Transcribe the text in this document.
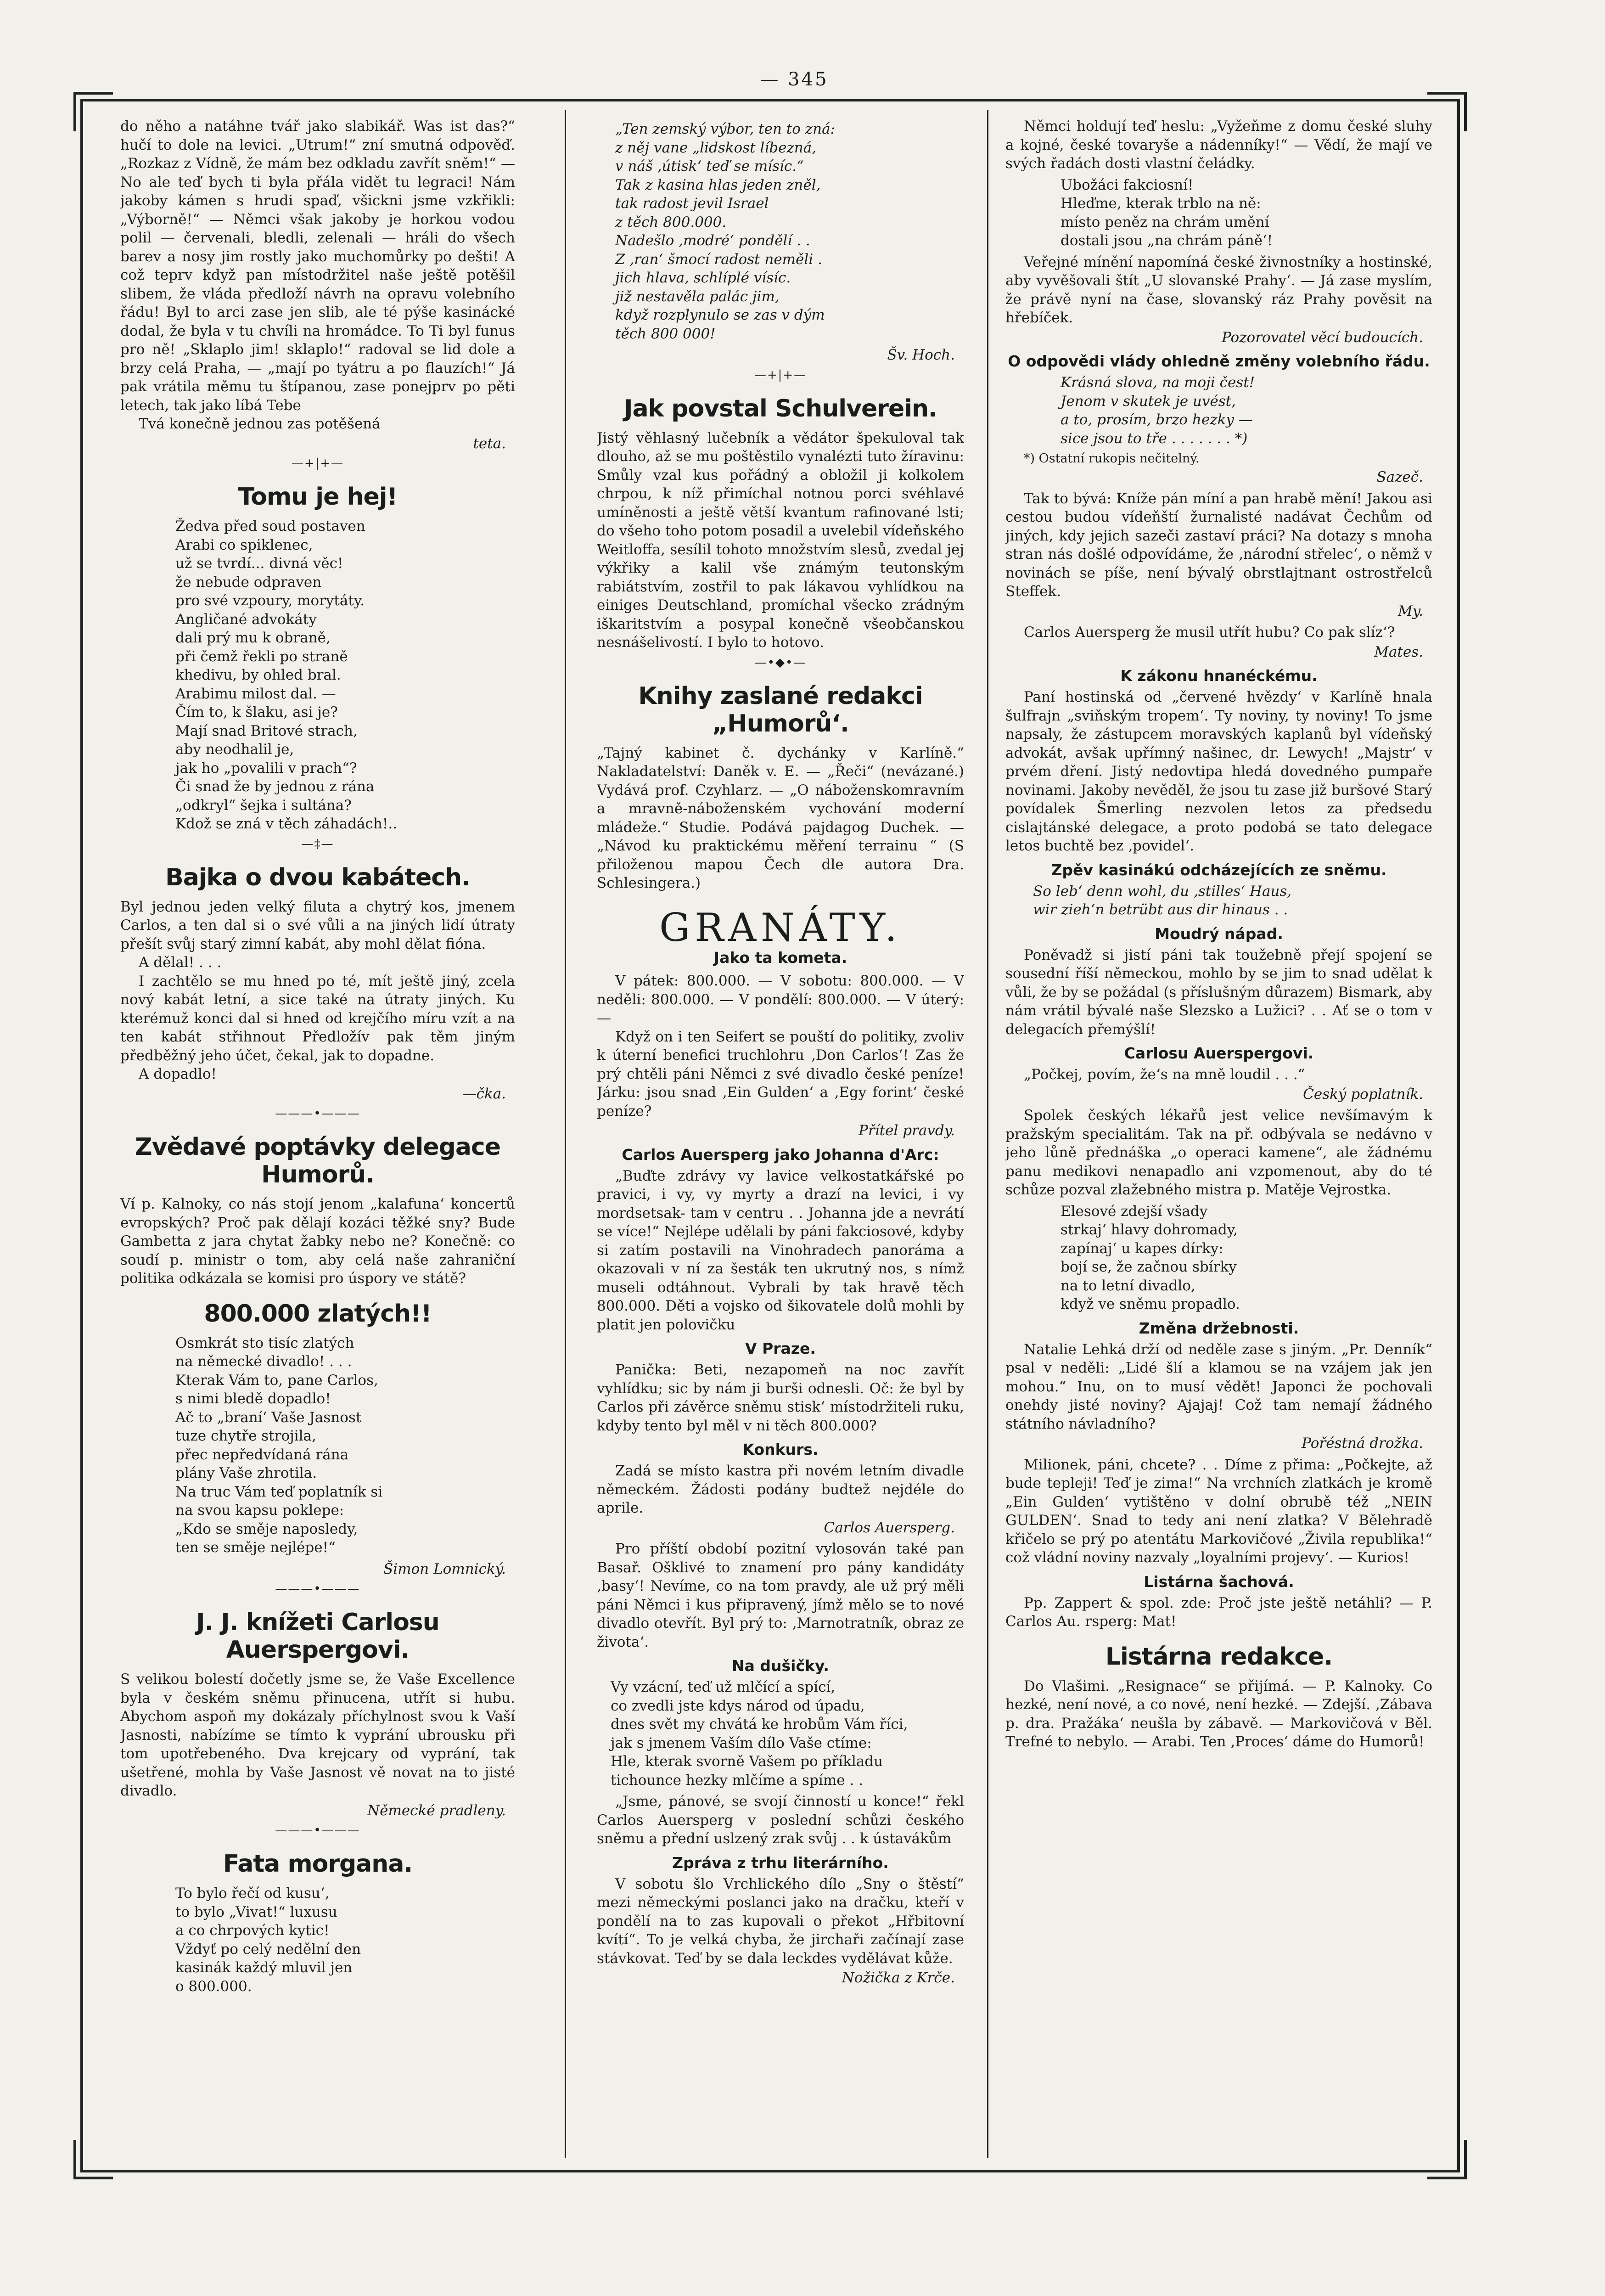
— 345

do něho a natáhne tvář jako slabikář. Was ist das?“ hučí to dole na levici. „Utrum!“ zní smutná odpověď. „Rozkaz z Vídně, že mám bez odkladu zavřít sněm!“ — No ale teď bych ti byla přála vidět tu legraci! Nám jakoby kámen s hrudi spaď, všickni jsme vzkřikli: „Výborně!“ — Němci však jakoby je horkou vodou polil — červenali, bledli, zelenali — hráli do všech barev a nosy jim rostly jako muchomůrky po dešti! A což teprv když pan místodržitel naše ještě potěšil slibem, že vláda předloží návrh na opravu volebního řádu! Byl to arci zase jen slib, ale té pýše kasinácké dodal, že byla v tu chvíli na hromádce. To Ti byl funus pro ně! „Sklaplo jim! sklaplo!“ radoval se lid dole a brzy celá Praha, — „mají po tyátru a po flauzích!“ Já pak vrátila měmu tu štípanou, zase ponejprv po pěti letech, tak jako líbá Tebe

Tvá konečně jednou zas potěšená

teta.
—+|+—
Tomu je hej!
Žedva před soud postaven
Arabi co spiklenec,
už se tvrdí... divná věc!
že nebude odpraven
pro své vzpoury, morytáty.
Angličané advokáty
dali prý mu k obraně,
při čemž řekli po straně
khedivu, by ohled bral.
Arabimu milost dal. —
Čím to, k šlaku, asi je?
Mají snad Britové strach,
aby neodhalil je,
jak ho „povalili v prach“?
Či snad že by jednou z rána
„odkryl“ šejka i sultána?
Kdož se zná v těch záhadách!..
—‡—
Bajka o dvou kabátech.

Byl jednou jeden velký filuta a chytrý kos, jmenem Carlos, a ten dal si o své vůli a na jiných lidí útraty přešít svůj starý zimní kabát, aby mohl dělat fióna.

A dělal! . . .

I zachtělo se mu hned po té, mít ještě jiný, zcela nový kabát letní, a sice také na útraty jiných. Ku kterémuž konci dal si hned od krejčího míru vzít a na ten kabát střihnout Předložív pak těm jiným předběžný jeho účet, čekal, jak to dopadne.

A dopadlo!

—čka.
———•———
Zvědavé poptávky delegace Humorů.

Ví p. Kalnoky, co nás stojí jenom „kalafuna‘ koncertů evropských? Proč pak dělají kozáci těžké sny? Bude Gambetta z jara chytat žabky nebo ne? Konečně: co soudí p. ministr o tom, aby celá naše zahraniční politika odkázala se komisi pro úspory ve státě?

800.000 zlatých!!
Osmkrát sto tisíc zlatých
na německé divadlo! . . .
Kterak Vám to, pane Carlos,
s nimi bledě dopadlo!
Ač to „braní‘ Vaše Jasnost
tuze chytře strojila,
přec nepředvídaná rána
plány Vaše zhrotila.
Na truc Vám teď poplatník si
na svou kapsu poklepe:
„Kdo se směje naposledy,
ten se směje nejlépe!“
Šimon Lomnický.
———•———
J. J. knížeti Carlosu Auerspergovi.

S velikou bolestí dočetly jsme se, že Vaše Excellence byla v českém sněmu přinucena, utřít si hubu. Abychom aspoň my dokázaly příchylnost svou k Vaší Jasnosti, nabízíme se tímto k vyprání ubrousku při tom upotřebeného. Dva krejcary od vyprání, tak ušetřené, mohla by Vaše Jasnost vě novat na to jisté divadlo.

Německé pradleny.
———•———
Fata morgana.
To bylo řečí od kusu‘,
to bylo „Vivat!“ luxusu
a co chrpových kytic!
Vždyť po celý nedělní den
kasinák každý mluvil jen
o 800.000.
„Ten zemský výbor, ten to zná:
z něj vane „lidskost líbezná,
v náš ‚útisk‘ teď se mísíc.“
Tak z kasina hlas jeden zněl,
tak radost jevil Israel
z těch 800.000.
Nadešlo ‚modré‘ pondělí . .
Z ‚ran‘ šmocí radost neměli .
jich hlava, schlíplé vísíc.
již nestavěla palác jim,
když rozplynulo se zas v dým
těch 800 000!
Šv. Hoch.
—+|+—
Jak povstal Schulverein.

Jistý věhlasný lučebník a vědátor špekuloval tak dlouho, až se mu poštěstilo vynalézti tuto žíravinu: Smůly vzal kus pořádný a obložil ji kolkolem chrpou, k níž přimíchal notnou porci svéhlavé umíněnosti a ještě větší kvantum rafinované lsti; do všeho toho potom posadil a uvelebil vídeňského Weitloffa, sesílil tohoto množstvím slesů, zvedal jej výkřiky a kalil vše známým teutonským rabiátstvím, zostřil to pak lákavou vyhlídkou na einiges Deutschland, promíchal všecko zrádným iškaritstvím a posypal konečně všeobčanskou nesnášelivostí. I bylo to hotovo.

—•◆•—
Knihy zaslané redakci „Humorů‘.

„Tajný kabinet č. dychánky v Karlíně.“ Nakladatelství: Daněk v. E. — „Řeči“ (nevázané.) Vydává prof. Czyhlarz. — „O náboženskomravním a mravně-náboženském vychování moderní mládeže.“ Studie. Podává pajdagog Duchek. — „Návod ku praktickému měření terrainu “ (S přiloženou mapou Čech dle autora Dra. Schlesingera.)

GRANÁTY.
Jako ta kometa.

V pátek: 800.000. — V sobotu: 800.000. — V neděli: 800.000. — V pondělí: 800.000. — V úterý: —

Když on i ten Seifert se pouští do politiky, zvoliv k úterní benefici truchlohru ‚Don Carlos‘! Zas že prý chtěli páni Němci z své divadlo české peníze! Járku: jsou snad ‚Ein Gulden‘ a ‚Egy forint‘ české peníze?

Přítel pravdy.
Carlos Auersperg jako Johanna d'Arc:

„Buďte zdrávy vy lavice velkostatkářské po pravici, i vy, vy myrty a drazí na levici, i vy mordsetsak- tam v centru . . Johanna jde a nevrátí se více!“ Nejlépe udělali by páni fakciosové, kdyby si zatím postavili na Vinohradech panoráma a okazovali v ní za šesták ten ukrutný nos, s nímž museli odtáhnout. Vybrali by tak hravě těch 800.000. Děti a vojsko od šikovatele dolů mohli by platit jen polovičku

V Praze.

Panička: Beti, nezapomeň na noc zavřít vyhlídku; sic by nám ji burši odnesli. Oč: že byl by Carlos při závěrce sněmu stisk‘ místodržiteli ruku, kdyby tento byl měl v ni těch 800.000?

Konkurs.

Zadá se místo kastra při novém letním divadle německém. Žádosti podány budtež nejdéle do aprile.

Carlos Auersperg.

Pro příští období pozitní vylosován také pan Basař. Ošklivé to znamení pro pány kandidáty ‚basy‘! Nevíme, co na tom pravdy, ale už prý měli páni Němci i kus připravený, jímž mělo se to nové divadlo otevřít. Byl prý to: ‚Marnotratník, obraz ze života‘.

Na dušičky.
Vy vzácní, teď už mlčící a spící,
co zvedli jste kdys národ od úpadu,
dnes svět my chvátá ke hrobům Vám říci,
jak s jmenem Vaším dílo Vaše ctíme:
Hle, kterak svorně Vašem po příkladu
tichounce hezky mlčíme a spíme . .

„Jsme, pánové, se svojí činností u konce!“ řekl Carlos Auersperg v poslední schůzi českého sněmu a přední uslzený zrak svůj . . k ústavákům

Zpráva z trhu literárního.

V sobotu šlo Vrchlického dílo „Sny o štěstí“ mezi německými poslanci jako na dračku, kteří v pondělí na to zas kupovali o překot „Hřbitovní kvítí“. To je velká chyba, že jirchaři začínají zase stávkovat. Teď by se dala leckdes vydělávat kůže.

Nožička z Krče.

Němci holdují teď heslu: „Vyžeňme z domu české sluhy a kojné, české tovaryše a nádenníky!“ — Vědí, že mají ve svých řadách dosti vlastní čeládky.

Ubožáci fakciosní!
Hleďme, kterak trblo na ně:
místo peněz na chrám umění
dostali jsou „na chrám páně‘!

Veřejné mínění napomíná české živnostníky a hostinské, aby vyvěšovali štít „U slovanské Prahy‘. — Já zase myslím, že právě nyní na čase, slovanský ráz Prahy pověsit na hřebíček.

Pozorovatel věcí budoucích.
O odpovědi vlády ohledně změny volebního řádu.
Krásná slova, na moji čest!
Jenom v skutek je uvést,
a to, prosím, brzo hezky —
sice jsou to tře . . . . . . . *)

*) Ostatní rukopis nečitelný.

Sazeč.

Tak to bývá: Kníže pán míní a pan hrabě mění! Jakou asi cestou budou vídeňští žurnalisté nadávat Čechům od jiných, kdy jejich sazeči zastaví práci? Na dotazy s mnoha stran nás došlé odpovídáme, že ‚národní střelec‘, o němž v novinách se píše, není bývalý obrstlajtnant ostrostřelců Steffek.

My.

Carlos Auersperg že musil utřít hubu? Co pak slíz‘?

Mates.
K zákonu hnanéckému.

Paní hostinská od „červené hvězdy‘ v Karlíně hnala šulfrajn „sviňským tropem‘. Ty noviny, ty noviny! To jsme napsaly, že zástupcem moravských kaplanů byl vídeňský advokát, avšak upřímný našinec, dr. Lewych! „Majstr‘ v prvém dření. Jistý nedovtipa hledá dovedného pumpaře novinami. Jakoby nevěděl, že jsou tu zase již buršové Starý povídalek Šmerling nezvolen letos za předsedu cislajtánské delegace, a proto podobá se tato delegace letos buchtě bez ‚povidel‘.

Zpěv kasinákú odcházejících ze sněmu.
So leb‘ denn wohl, du ‚stilles‘ Haus,
wir zieh‘n betrübt aus dir hinaus . .
Moudrý nápad.

Poněvadž si jistí páni tak toužebně přejí spojení se sousední říší německou, mohlo by se jim to snad udělat k vůli, že by se požádal (s příslušným důrazem) Bismark, aby nám vrátil bývalé naše Slezsko a Lužici? . . Ať se o tom v delegacích přemýšlí!

Carlosu Auerspergovi.

„Počkej, povím, že‘s na mně loudil . . .“

Český poplatník.

Spolek českých lékařů jest velice nevšímavým k pražským specialitám. Tak na př. odbývala se nedávno v jeho lůně přednáška „o operaci kamene“, ale žádnému panu medikovi nenapadlo ani vzpomenout, aby do té schůze pozval zlažebného mistra p. Matěje Vejrostka.

Elesové zdejší všady
strkaj‘ hlavy dohromady,
zapínaj‘ u kapes dírky:
bojí se, že začnou sbírky
na to letní divadlo,
když ve sněmu propadlo.
Změna držebnosti.

Natalie Lehká drží od neděle zase s jiným. „Pr. Denník“ psal v neděli: „Lidé šlí a klamou se na vzájem jak jen mohou.“ Inu, on to musí vědět! Japonci že pochovali onehdy jisté noviny? Ajajaj! Což tam nemají žádného státního návladního?

Pořéstná drožka.

Milionek, páni, chcete? . . Díme z přima: „Počkejte, až bude tepleji! Teď je zima!“ Na vrchních zlatkách je kromě „Ein Gulden‘ vytištěno v dolní obrubě též „NEIN GULDEN‘. Snad to tedy ani není zlatka? V Bělehradě křičelo se prý po atentátu Markovičové „Živila republika!“ což vládní noviny nazvaly „loyalními projevy‘. — Kurios!

Listárna šachová.

Pp. Zappert & spol. zde: Proč jste ještě netáhli? — P. Carlos Au. rsperg: Mat!

Listárna redakce.

Do Vlašimi. „Resignace“ se přijímá. — P. Kalnoky. Co hezké, není nové, a co nové, není hezké. — Zdejší. ‚Zábava p. dra. Pražáka‘ neušla by zábavě. — Markovičová v Běl. Trefné to nebylo. — Arabi. Ten ‚Proces‘ dáme do Humorů!
